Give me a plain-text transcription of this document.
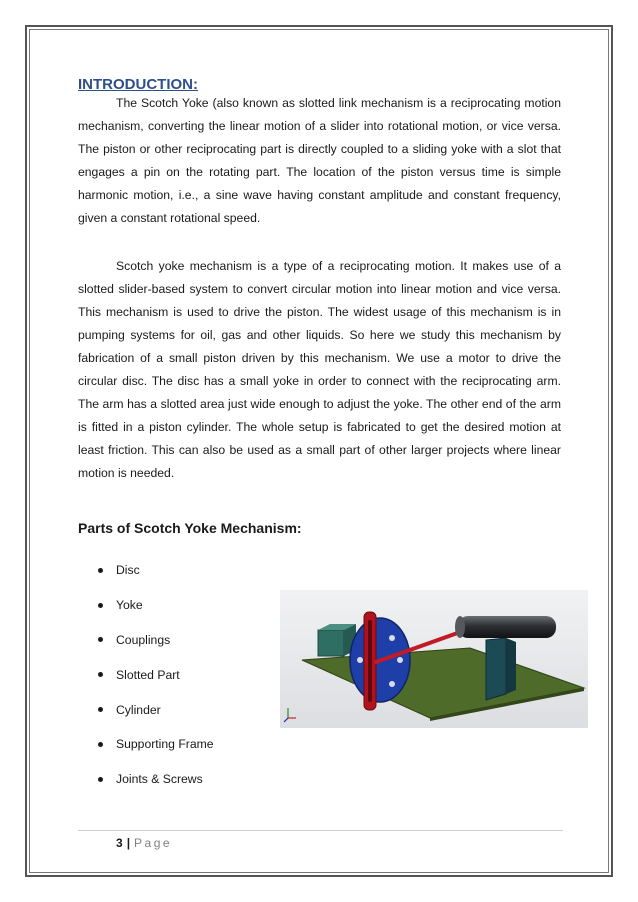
INTRODUCTION:

The Scotch Yoke (also known as slotted link mechanism is a reciprocating motion mechanism, converting the linear motion of a slider into rotational motion, or vice versa. The piston or other reciprocating part is directly coupled to a sliding yoke with a slot that engages a pin on the rotating part. The location of the piston versus time is simple harmonic motion, i.e., a sine wave having constant amplitude and constant frequency, given a constant rotational speed.

Scotch yoke mechanism is a type of a reciprocating motion. It makes use of a slotted slider-based system to convert circular motion into linear motion and vice versa. This mechanism is used to drive the piston. The widest usage of this mechanism is in pumping systems for oil, gas and other liquids. So here we study this mechanism by fabrication of a small piston driven by this mechanism. We use a motor to drive the circular disc. The disc has a small yoke in order to connect with the reciprocating arm. The arm has a slotted area just wide enough to adjust the yoke. The other end of the arm is fitted in a piston cylinder. The whole setup is fabricated to get the desired motion at least friction. This can also be used as a small part of other larger projects where linear motion is needed.

Parts of Scotch Yoke Mechanism:
Disc
Yoke
Couplings
Slotted Part
Cylinder
Supporting Frame
Joints & Screws
3 | Page
